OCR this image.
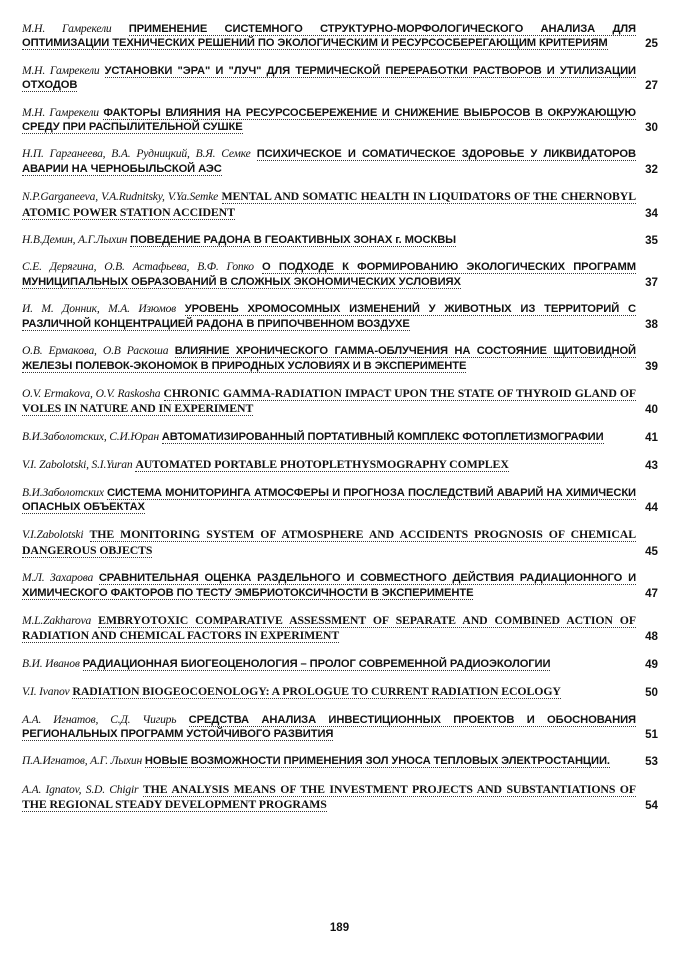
М.Н. Гамрекели ПРИМЕНЕНИЕ СИСТЕМНОГО СТРУКТУРНО-МОРФОЛОГИЧЕСКОГО АНАЛИЗА ДЛЯ ОПТИМИЗАЦИИ ТЕХНИЧЕСКИХ РЕШЕНИЙ ПО ЭКОЛОГИЧЕСКИМ И РЕСУРСОСБЕРЕГАЮЩИМ КРИТЕРИЯМ	25
М.Н. Гамрекели УСТАНОВКИ "ЭРА" И "ЛУЧ" ДЛЯ ТЕРМИЧЕСКОЙ ПЕРЕРАБОТКИ РАСТВОРОВ И УТИЛИЗАЦИИ ОТХОДОВ	27
М.Н. Гамрекели ФАКТОРЫ ВЛИЯНИЯ НА РЕСУРСОСБЕРЕЖЕНИЕ И СНИЖЕНИЕ ВЫБРОСОВ В ОКРУЖАЮЩУЮ СРЕДУ ПРИ РАСПЫЛИТЕЛЬНОЙ СУШКЕ	30
Н.П. Гарганеева, В.А. Рудницкий, В.Я. Семке ПСИХИЧЕСКОЕ И СОМАТИЧЕСКОЕ ЗДОРОВЬЕ У ЛИКВИДАТОРОВ АВАРИИ НА ЧЕРНОБЫЛЬСКОЙ АЭС	32
N.P.Garganeeva, V.A.Rudnitsky, V.Ya.Semke MENTAL AND SOMATIC HEALTH IN LIQUIDATORS OF THE CHERNOBYL ATOMIC POWER STATION ACCIDENT	34
Н.В.Демин, А.Г.Лыхин ПОВЕДЕНИЕ РАДОНА В ГЕОАКТИВНЫХ ЗОНАХ г. МОСКВЫ	35
С.Е. Дерягина, О.В. Астафьева, В.Ф. Гопко О ПОДХОДЕ К ФОРМИРОВАНИЮ ЭКОЛОГИЧЕСКИХ ПРОГРАММ МУНИЦИПАЛЬНЫХ ОБРАЗОВАНИЙ В СЛОЖНЫХ ЭКОНОМИЧЕСКИХ УСЛОВИЯХ	37
И. М. Донник, М.А. Изюмов УРОВЕНЬ ХРОМОСОМНЫХ ИЗМЕНЕНИЙ У ЖИВОТНЫХ ИЗ ТЕРРИТОРИЙ С РАЗЛИЧНОЙ КОНЦЕНТРАЦИЕЙ РАДОНА В ПРИПОЧВЕННОМ ВОЗДУХЕ	38
О.В. Ермакова, О.В Раскоша ВЛИЯНИЕ ХРОНИЧЕСКОГО ГАММА-ОБЛУЧЕНИЯ НА СОСТОЯНИЕ ЩИТОВИДНОЙ ЖЕЛЕЗЫ ПОЛЕВОК-ЭКОНОМОК В ПРИРОДНЫХ УСЛОВИЯХ И В ЭКСПЕРИМЕНТЕ	39
O.V. Ermakova, O.V. Raskosha CHRONIC GAMMA-RADIATION IMPACT UPON THE STATE OF THYROID GLAND OF VOLES IN NATURE AND IN EXPERIMENT	40
В.И.Заболотских, С.И.Юран АВТОМАТИЗИРОВАННЫЙ ПОРТАТИВНЫЙ КОМПЛЕКС ФОТОПЛЕТИЗМОГРАФИИ	41
V.I. Zabolotski, S.I.Yuran AUTOMATED PORTABLE PHOTOPLETHYSMOGRAPHY COMPLEX	43
В.И.Заболотских СИСТЕМА МОНИТОРИНГА АТМОСФЕРЫ И ПРОГНОЗА ПОСЛЕДСТВИЙ АВАРИЙ НА ХИМИЧЕСКИ ОПАСНЫХ ОБЪЕКТАХ	44
V.I.Zabolotski THE MONITORING SYSTEM OF ATMOSPHERE AND ACCIDENTS PROGNOSIS OF CHEMICAL DANGEROUS OBJECTS	45
М.Л. Захарова СРАВНИТЕЛЬНАЯ ОЦЕНКА РАЗДЕЛЬНОГО И СОВМЕСТНОГО ДЕЙСТВИЯ РАДИАЦИОННОГО И ХИМИЧЕСКОГО ФАКТОРОВ ПО ТЕСТУ ЭМБРИОТОКСИЧНОСТИ В ЭКСПЕРИМЕНТЕ	47
M.L.Zakharova EMBRYOTOXIC COMPARATIVE ASSESSMENT OF SEPARATE AND COMBINED ACTION OF RADIATION AND CHEMICAL FACTORS IN EXPERIMENT	48
В.И. Иванов РАДИАЦИОННАЯ БИОГЕОЦЕНОЛОГИЯ – ПРОЛОГ СОВРЕМЕННОЙ РАДИОЭКОЛОГИИ	49
V.I. Ivanov RADIATION BIOGEOCOENOLOGY: A PROLOGUE TO CURRENT RADIATION ECOLOGY	50
А.А. Игнатов, С.Д. Чигирь СРЕДСТВА АНАЛИЗА ИНВЕСТИЦИОННЫХ ПРОЕКТОВ И ОБОСНОВАНИЯ РЕГИОНАЛЬНЫХ ПРОГРАММ УСТОЙЧИВОГО РАЗВИТИЯ	51
П.А.Игнатов, А.Г. Лыхин НОВЫЕ ВОЗМОЖНОСТИ ПРИМЕНЕНИЯ ЗОЛ УНОСА ТЕПЛОВЫХ ЭЛЕКТРОСТАНЦИИ.	53
A.A. Ignatov, S.D. Chigir THE ANALYSIS MEANS OF THE INVESTMENT PROJECTS AND SUBSTANTIATIONS OF THE REGIONAL STEADY DEVELOPMENT PROGRAMS	54
189
